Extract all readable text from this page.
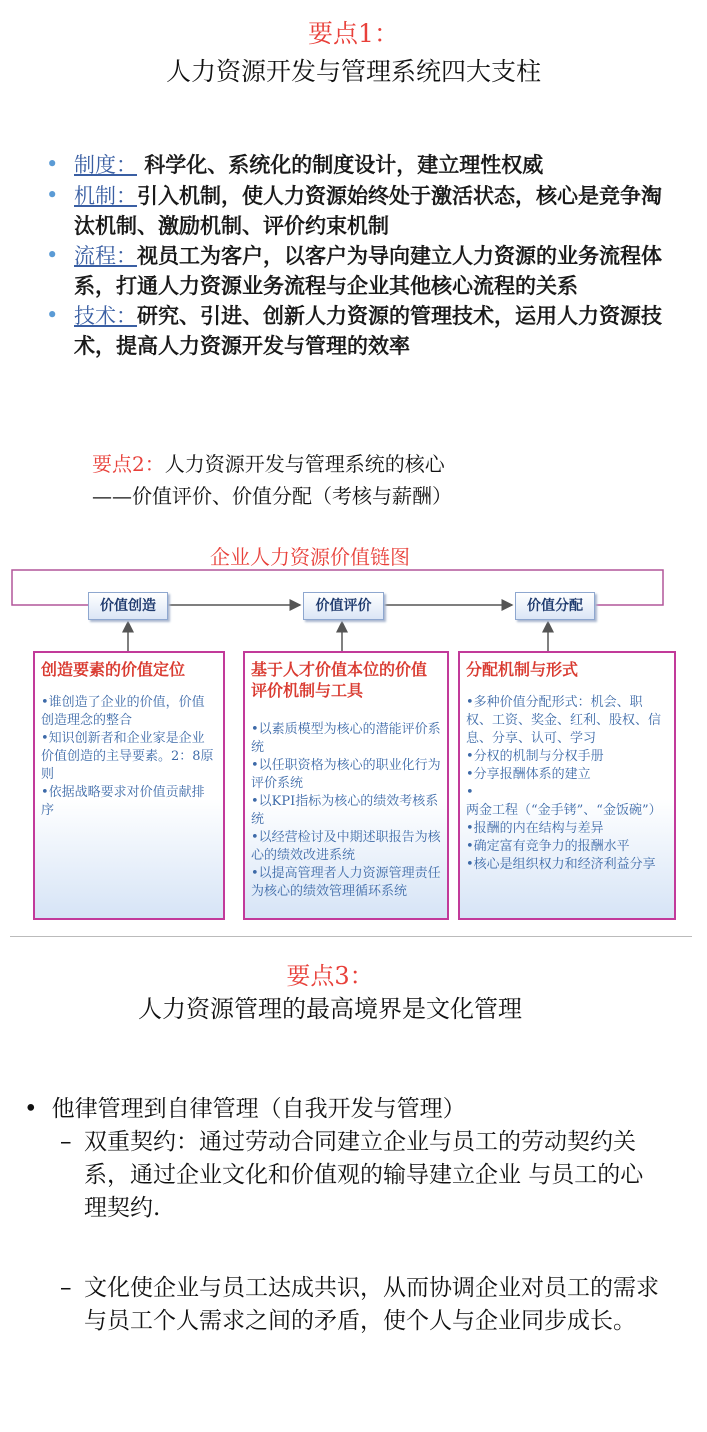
要点1：
人力资源开发与管理系统四大支柱
• 制度： 科学化、系统化的制度设计，建立理性权威
• 机制：引入机制，使人力资源始终处于激活状态，核心是竞争淘汰机制、激励机制、评价约束机制
• 流程：视员工为客户，以客户为导向建立人力资源的业务流程体系，打通人力资源业务流程与企业其他核心流程的关系
• 技术：研究、引进、创新人力资源的管理技术，运用人力资源技术，提高人力资源开发与管理的效率
要点2：人力资源开发与管理系统的核心
——价值评价、价值分配（考核与薪酬）
企业人力资源价值链图
价值创造	价值评价	价值分配
创造要素的价值定位
• 谁创造了企业的价值，价值创造理念的整合
• 知识创新者和企业家是企业价值创造的主导要素。2：8原则
• 依据战略要求对价值贡献排序
基于人才价值本位的价值评价机制与工具
• 以素质模型为核心的潜能评价系统
• 以任职资格为核心的职业化行为评价系统
• 以KPI指标为核心的绩效考核系统
• 以经营检讨及中期述职报告为核心的绩效改进系统
• 以提高管理者人力资源管理责任为核心的绩效管理循环系统
分配机制与形式
• 多种价值分配形式：机会、职权、工资、奖金、红利、股权、信息、分享、认可、学习
• 分权的机制与分权手册
• 分享报酬体系的建立
• 两金工程（“金手铐”、“金饭碗”）
• 报酬的内在结构与差异
• 确定富有竞争力的报酬水平
• 核心是组织权力和经济利益分享
要点3：
人力资源管理的最高境界是文化管理
• 他律管理到自律管理（自我开发与管理）
– 双重契约：通过劳动合同建立企业与员工的劳动契约关系，通过企业文化和价值观的输导建立企业 与员工的心理契约.
– 文化使企业与员工达成共识，从而协调企业对员工的需求与员工个人需求之间的矛盾，使个人与企业同步成长。
